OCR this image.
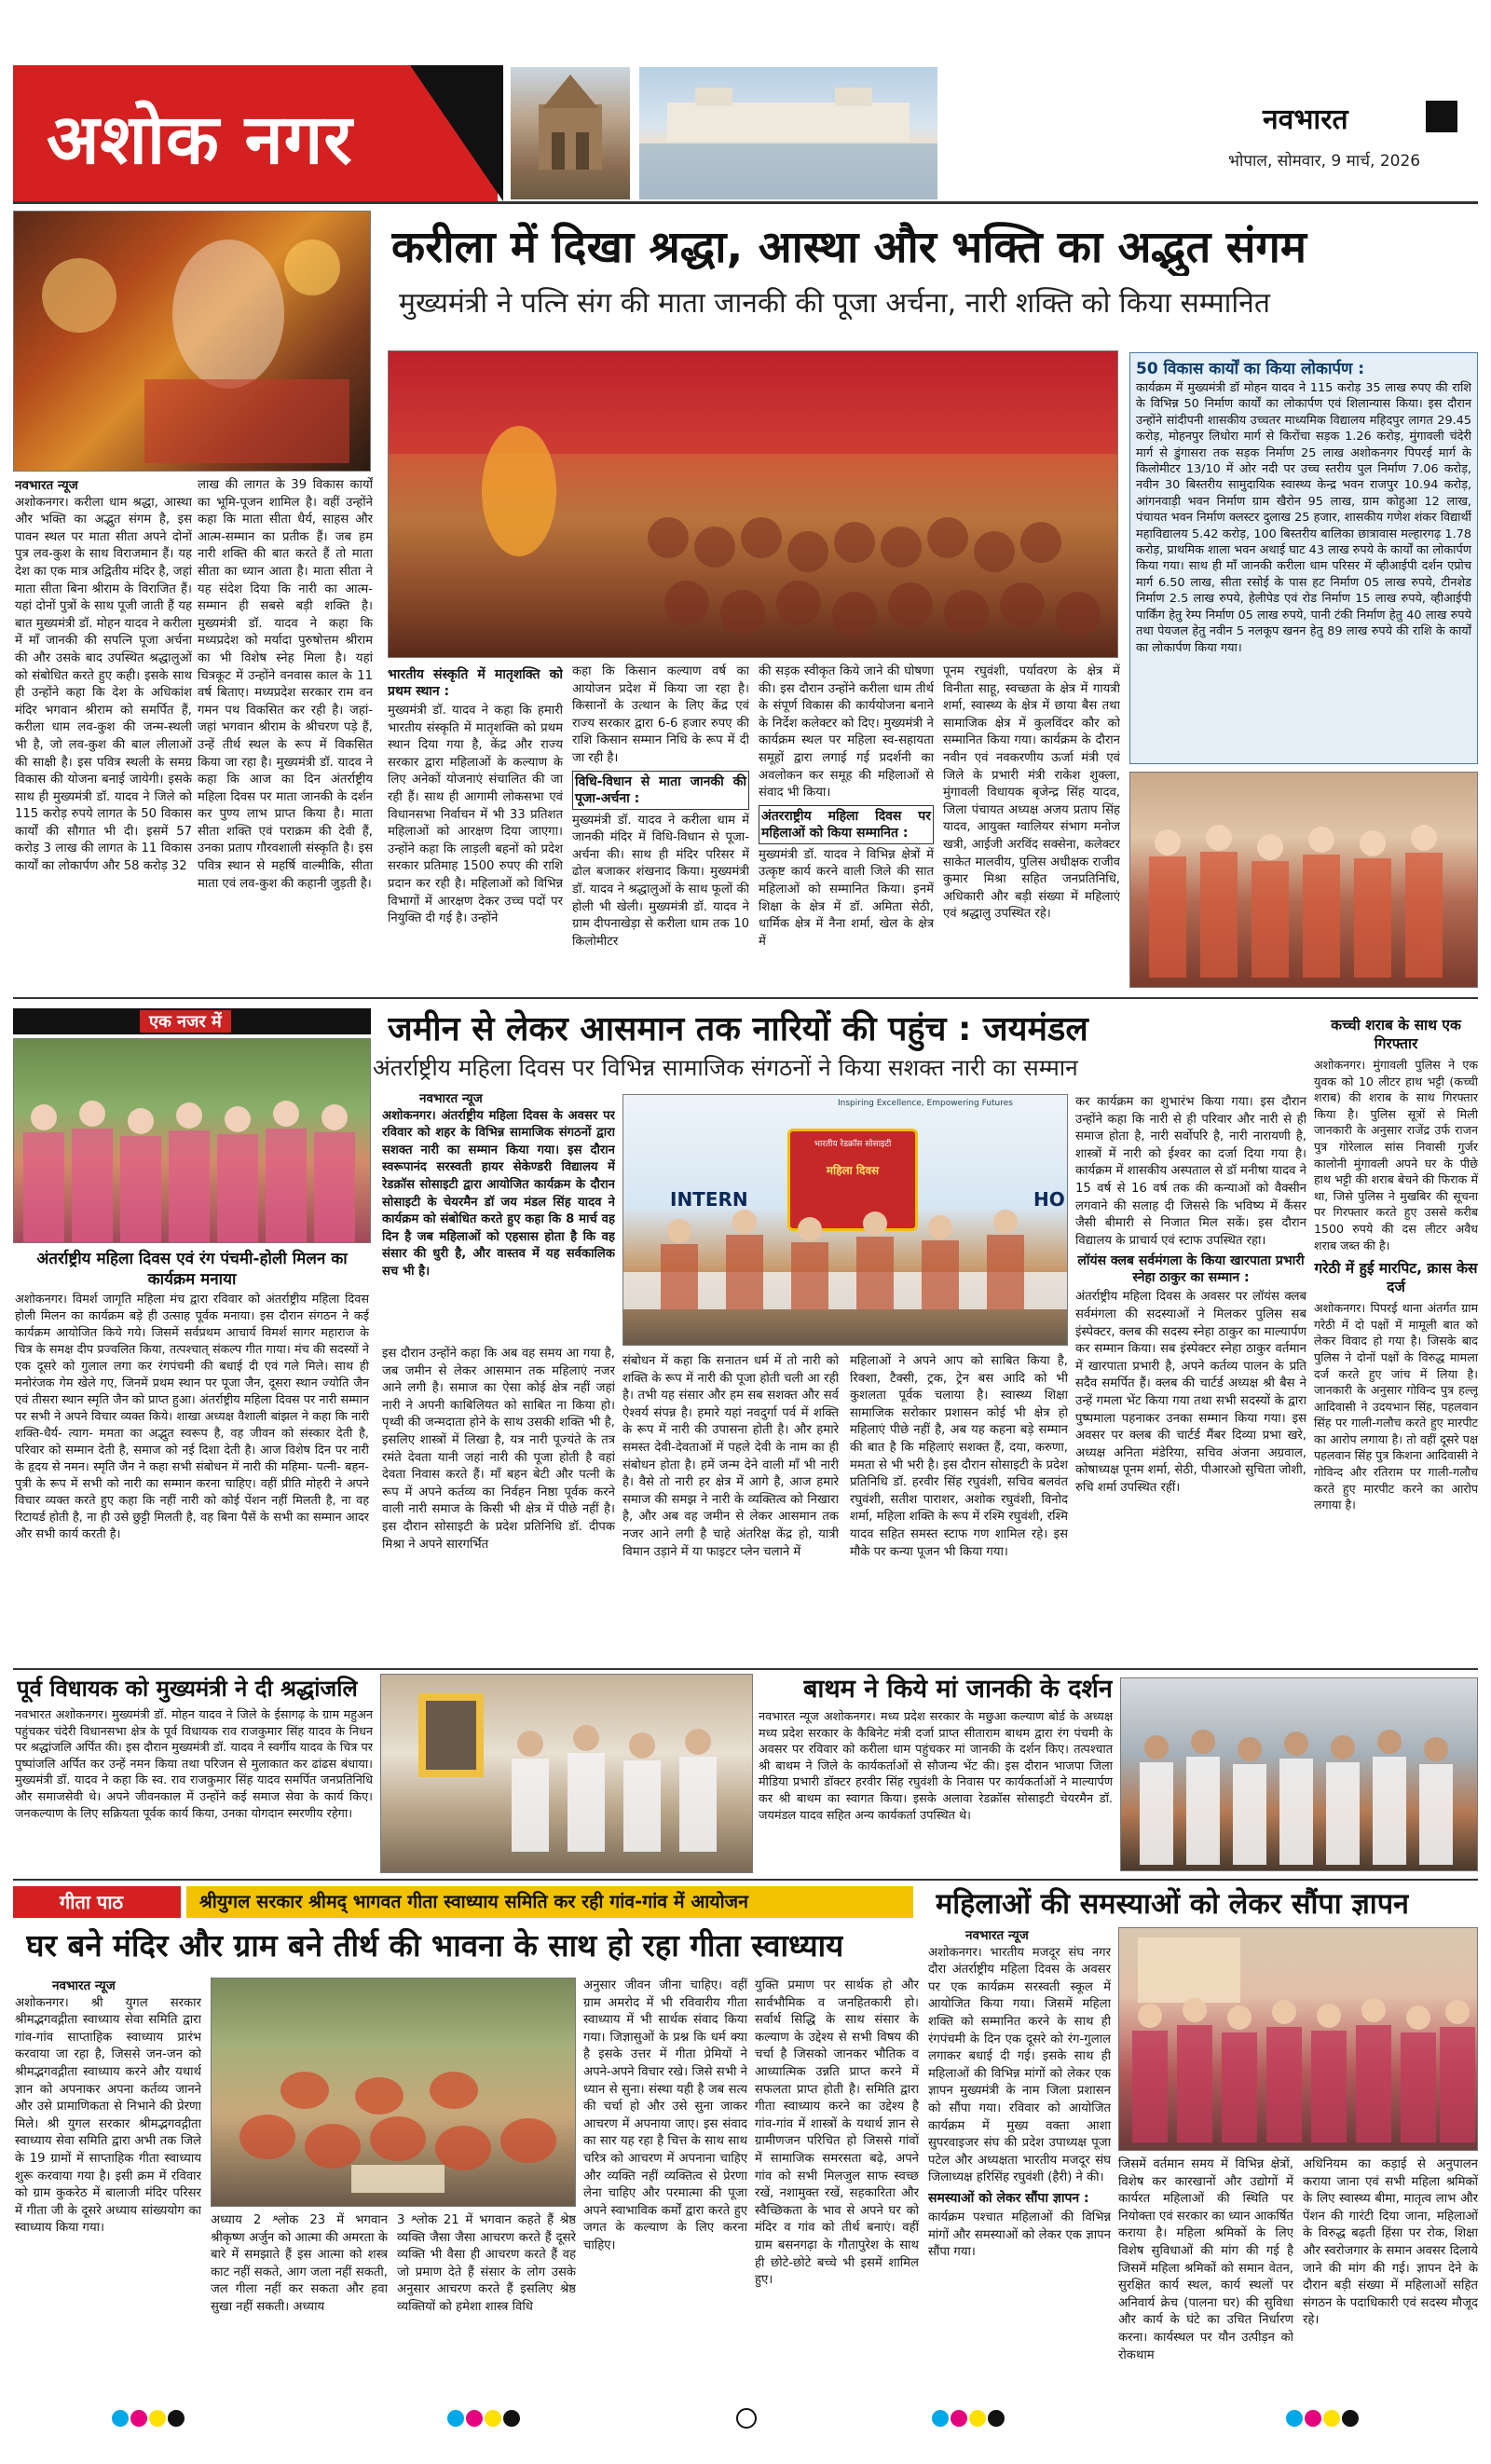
अशोक नगर	नवभारत
भोपाल, सोमवार, 9 मार्च, 2026
करीला में दिखा श्रद्धा, आस्था और भक्ति का अद्भुत संगम
मुख्यमंत्री ने पत्नि संग की माता जानकी की पूजा अर्चना, नारी शक्ति को किया सम्मानित
नवभारत न्यूज

अशोकनगर। करीला धाम श्रद्धा, आस्था और भक्ति का अद्भुत संगम है, इस पावन स्थल पर माता सीता अपने दोनों पुत्र लव-कुश के साथ विराजमान हैं। यह देश का एक मात्र अद्वितीय मंदिर है, जहां माता सीता बिना श्रीराम के विराजित हैं। यहां दोनों पुत्रों के साथ पूजी जाती हैं यह बात मुख्यमंत्री डॉ. मोहन यादव ने करीला में माँ जानकी की सपत्नि पूजा अर्चना की और उसके बाद उपस्थित श्रद्धालुओं को संबोधित करते हुए कही। इसके साथ ही उन्होंने कहा कि देश के अधिकांश मंदिर भगवान श्रीराम को समर्पित हैं, करीला धाम लव-कुश की जन्म-स्थली भी है, जो लव-कुश की बाल लीलाओं की साक्षी है। इस पवित्र स्थली के समग्र विकास की योजना बनाई जायेगी। इसके साथ ही मुख्यमंत्री डॉ. यादव ने जिले को 115 करोड़ रुपये लागत के 50 विकास कार्यों की सौगात भी दी। इसमें 57 करोड़ 3 लाख की लागत के 11 विकास कार्यों का लोकार्पण और 58 करोड़ 32

लाख की लागत के 39 विकास कार्यों का भूमि-पूजन शामिल है। वहीं उन्होंने कहा कि माता सीता धैर्य, साहस और आत्म-सम्मान का प्रतीक हैं। जब हम नारी शक्ति की बात करते हैं तो माता सीता का ध्यान आता है। माता सीता ने यह संदेश दिया कि नारी का आत्म-सम्मान ही सबसे बड़ी शक्ति है। मुख्यमंत्री डॉ. यादव ने कहा कि मध्यप्रदेश को मर्यादा पुरुषोत्तम श्रीराम का भी विशेष स्नेह मिला है। यहां चित्रकूट में उन्होंने वनवास काल के 11 वर्ष बिताए। मध्यप्रदेश सरकार राम वन गमन पथ विकसित कर रही है। जहां-जहां भगवान श्रीराम के श्रीचरण पड़े हैं, उन्हें तीर्थ स्थल के रूप में विकसित किया जा रहा है। मुख्यमंत्री डॉ. यादव ने कहा कि आज का दिन अंतर्राष्ट्रीय महिला दिवस पर माता जानकी के दर्शन कर पुण्य लाभ प्राप्त किया है। माता सीता शक्ति एवं पराक्रम की देवी हैं, उनका प्रताप गौरवशाली संस्कृति है। इस पवित्र स्थान से महर्षि वाल्मीकि, सीता माता एवं लव-कुश की कहानी जुड़ती है।

भारतीय संस्कृति में मातृशक्ति को प्रथम स्थान :

मुख्यमंत्री डॉ. यादव ने कहा कि हमारी भारतीय संस्कृति में मातृशक्ति को प्रथम स्थान दिया गया है, केंद्र और राज्य सरकार द्वारा महिलाओं के कल्याण के लिए अनेकों योजनाएं संचालित की जा रही हैं। साथ ही आगामी लोकसभा एवं विधानसभा निर्वाचन में भी 33 प्रतिशत महिलाओं को आरक्षण दिया जाएगा। उन्होंने कहा कि लाड़ली बहनों को प्रदेश सरकार प्रतिमाह 1500 रुपए की राशि प्रदान कर रही है। महिलाओं को विभिन्न विभागों में आरक्षण देकर उच्च पदों पर नियुक्ति दी गई है। उन्होंने

कहा कि किसान कल्याण वर्ष का आयोजन प्रदेश में किया जा रहा है। किसानों के उत्थान के लिए केंद्र एवं राज्य सरकार द्वारा 6-6 हजार रुपए की राशि किसान सम्मान निधि के रूप में दी जा रही है।

विधि-विधान से माता जानकी की पूजा-अर्चना :

मुख्यमंत्री डॉ. यादव ने करीला धाम में जानकी मंदिर में विधि-विधान से पूजा-अर्चना की। साथ ही मंदिर परिसर में ढोल बजाकर शंखनाद किया। मुख्यमंत्री डॉ. यादव ने श्रद्धालुओं के साथ फूलों की होली भी खेली। मुख्यमंत्री डॉ. यादव ने ग्राम दीपनाखेड़ा से करीला धाम तक 10 किलोमीटर

की सड़क स्वीकृत किये जाने की घोषणा की। इस दौरान उन्होंने करीला धाम तीर्थ के संपूर्ण विकास की कार्ययोजना बनाने के निर्देश कलेक्टर को दिए। मुख्यमंत्री ने कार्यक्रम स्थल पर महिला स्व-सहायता समूहों द्वारा लगाई गई प्रदर्शनी का अवलोकन कर समूह की महिलाओं से संवाद भी किया।

अंतरराष्ट्रीय महिला दिवस पर महिलाओं को किया सम्मानित :

मुख्यमंत्री डॉ. यादव ने विभिन्न क्षेत्रों में उत्कृष्ट कार्य करने वाली जिले की सात महिलाओं को सम्मानित किया। इनमें शिक्षा के क्षेत्र में डॉ. अमिता सेठी, धार्मिक क्षेत्र में नैना शर्मा, खेल के क्षेत्र में

पूनम रघुवंशी, पर्यावरण के क्षेत्र में विनीता साहू, स्वच्छता के क्षेत्र में गायत्री शर्मा, स्वास्थ्य के क्षेत्र में छाया बैस तथा सामाजिक क्षेत्र में कुलविंदर कौर को सम्मानित किया गया। कार्यक्रम के दौरान नवीन एवं नवकरणीय ऊर्जा मंत्री एवं जिले के प्रभारी मंत्री राकेश शुक्ला, मुंगावली विधायक बृजेन्द्र सिंह यादव, जिला पंचायत अध्यक्ष अजय प्रताप सिंह यादव, आयुक्त ग्वालियर संभाग मनोज खत्री, आईजी अरविंद सक्सेना, कलेक्टर साकेत मालवीय, पुलिस अधीक्षक राजीव कुमार मिश्रा सहित जनप्रतिनिधि, अधिकारी और बड़ी संख्या में महिलाएं एवं श्रद्धालु उपस्थित रहे।

50 विकास कार्यों का किया लोकार्पण :
कार्यक्रम में मुख्यमंत्री डॉ मोहन यादव ने 115 करोड़ 35 लाख रुपए की राशि के विभिन्न 50 निर्माण कार्यों का लोकार्पण एवं शिलान्यास किया। इस दौरान उन्होंने सांदीपनी शासकीय उच्चतर माध्यमिक विद्यालय महिदपुर लागत 29.45 करोड़, मोहनपुर लिधोरा मार्ग से किरोंचा सड़क 1.26 करोड़, मुंगावली चंदेरी मार्ग से डुंगासरा तक सड़क निर्माण 25 लाख अशोकनगर पिपरई मार्ग के किलोमीटर 13/10 में ओर नदी पर उच्च स्तरीय पुल निर्माण 7.06 करोड़, नवीन 30 बिस्तरीय सामुदायिक स्वास्थ्य केन्द्र भवन राजपुर 10.94 करोड़, आंगनवाड़ी भवन निर्माण ग्राम खैरोन 95 लाख, ग्राम कोहुआ 12 लाख, पंचायत भवन निर्माण क्लस्टर दुलाख 25 हजार, शासकीय गणेश शंकर विद्यार्थी महाविद्यालय 5.42 करोड़, 100 बिस्तरीय बालिका छात्रावास मल्हारगढ़ 1.78 करोड़, प्राथमिक शाला भवन अथाई घाट 43 लाख रुपये के कार्यों का लोकार्पण किया गया। साथ ही माँ जानकी करीला धाम परिसर में व्हीआईपी दर्शन एप्रोच मार्ग 6.50 लाख, सीता रसोई के पास हट निर्माण 05 लाख रुपये, टीनशेड निर्माण 2.5 लाख रुपये, हेलीपेड एवं रोड निर्माण 15 लाख रुपये, व्हीआईपी पार्किंग हेतु रेम्प निर्माण 05 लाख रुपये, पानी टंकी निर्माण हेतु 40 लाख रुपये तथा पेयजल हेतु नवीन 5 नलकूप खनन हेतु 89 लाख रुपये की राशि के कार्यों का लोकार्पण किया गया।
एक नजर में
अंतर्राष्ट्रीय महिला दिवस एवं रंग पंचमी-होली मिलन का कार्यक्रम मनाया
अशोकनगर। विमर्श जागृति महिला मंच द्वारा रविवार को अंतर्राष्ट्रीय महिला दिवस होली मिलन का कार्यक्रम बड़े ही उत्साह पूर्वक मनाया। इस दौरान संगठन ने कई कार्यक्रम आयोजित किये गये। जिसमें सर्वप्रथम आचार्य विमर्श सागर महाराज के चित्र के समक्ष दीप प्रज्वलित किया, तत्पश्चात् संकल्प गीत गाया। मंच की सदस्यों ने एक दूसरे को गुलाल लगा कर रंगपंचमी की बधाई दी एवं गले मिले। साथ ही मनोरंजक गेम खेले गए, जिनमें प्रथम स्थान पर पूजा जैन, दूसरा स्थान ज्योति जैन एवं तीसरा स्थान स्मृति जैन को प्राप्त हुआ। अंतर्राष्ट्रीय महिला दिवस पर नारी सम्मान पर सभी ने अपने विचार व्यक्त किये। शाखा अध्यक्ष वैशाली बांझल ने कहा कि नारी शक्ति-धैर्य- त्याग- ममता का अद्भुत स्वरूप है, वह जीवन को संस्कार देती है, परिवार को सम्मान देती है, समाज को नई दिशा देती है। आज विशेष दिन पर नारी के हृदय से नमन। स्मृति जैन ने कहा सभी संबोधन में नारी की महिमा- पत्नी- बहन-पुत्री के रूप में सभी को नारी का सम्मान करना चाहिए। वहीं प्रीति मोहरी ने अपने विचार व्यक्त करते हुए कहा कि नहीं नारी को कोई पेंशन नहीं मिलती है, ना वह रिटायर्ड होती है, ना ही उसे छुट्टी मिलती है, वह बिना पैसें के सभी का सम्मान आदर और सभी कार्य करती है।
जमीन से लेकर आसमान तक नारियों की पहुंच : जयमंडल
अंतर्राष्ट्रीय महिला दिवस पर विभिन्न सामाजिक संगठनों ने किया सशक्त नारी का सम्मान
नवभारत न्यूज

अशोकनगर। अंतर्राष्ट्रीय महिला दिवस के अवसर पर रविवार को शहर के विभिन्न सामाजिक संगठनों द्वारा सशक्त नारी का सम्मान किया गया। इस दौरान स्वरूपानंद सरस्वती हायर सेकेण्डरी विद्यालय में रेडक्रॉस सोसाइटी द्वारा आयोजित कार्यक्रम के दौरान सोसाइटी के चेयरमैन डॉ जय मंडल सिंह यादव ने कार्यक्रम को संबोधित करते हुए कहा कि 8 मार्च वह दिन है जब महिलाओं को एहसास होता है कि वह संसार की धुरी है, और वास्तव में यह सर्वकालिक सच भी है।

इस दौरान उन्होंने कहा कि अब वह समय आ गया है, जब जमीन से लेकर आसमान तक महिलाएं नजर आने लगी है। समाज का ऐसा कोई क्षेत्र नहीं जहां नारी ने अपनी काबिलियत को साबित ना किया हो। पृथ्वी की जन्मदाता होने के साथ उसकी शक्ति भी है, इसलिए शास्त्रों में लिखा है, यत्र नारी पूज्यंते के तत्र रमंते देवता यानी जहां नारी की पूजा होती है वहां देवता निवास करते हैं। माँ बहन बेटी और पत्नी के रूप में अपने कर्तव्य का निर्वहन निष्ठा पूर्वक करने वाली नारी समाज के किसी भी क्षेत्र में पीछे नहीं है। इस दौरान सोसाइटी के प्रदेश प्रतिनिधि डॉ. दीपक मिश्रा ने अपने सारगर्भित
Inspiring Excellence, Empowering Futures
INTERN	HO
भारतीय रेडक्रॉस सोसाइटी
महिला दिवस
संबोधन में कहा कि सनातन धर्म में तो नारी को शक्ति के रूप में नारी की पूजा होती चली आ रही है। तभी यह संसार और हम सब सशक्त और सर्व ऐश्वर्य संपन्न है। हमारे यहां नवदुर्गा पर्व में शक्ति के रूप में नारी की उपासना होती है। और हमारे समस्त देवी-देवताओं में पहले देवी के नाम का ही संबोधन होता है। हमें जन्म देने वाली माँ भी नारी है। वैसे तो नारी हर क्षेत्र में आगे है, आज हमारे समाज की समझ ने नारी के व्यक्तित्व को निखारा है, और अब वह जमीन से लेकर आसमान तक नजर आने लगी है चाहे अंतरिक्ष केंद्र हो, यात्री विमान उड़ाने में या फाइटर प्लेन चलाने में
महिलाओं ने अपने आप को साबित किया है, रिक्शा, टैक्सी, ट्रक, ट्रेन बस आदि को भी कुशलता पूर्वक चलाया है। स्वास्थ्य शिक्षा सामाजिक सरोकार प्रशासन कोई भी क्षेत्र हो महिलाएं पीछे नहीं है, अब यह कहना बड़े सम्मान की बात है कि महिलाएं सशक्त हैं, दया, करुणा, ममता से भी भरी है। इस दौरान सोसाइटी के प्रदेश प्रतिनिधि डॉ. हरवीर सिंह रघुवंशी, सचिव बलवंत रघुवंशी, सतीश पाराशर, अशोक रघुवंशी, विनोद शर्मा, महिला शक्ति के रूप में रश्मि रघुवंशी, रश्मि यादव सहित समस्त स्टाफ गण शामिल रहे। इस मौके पर कन्या पूजन भी किया गया।

कर कार्यक्रम का शुभारंभ किया गया। इस दौरान उन्होंने कहा कि नारी से ही परिवार और नारी से ही समाज होता है, नारी सर्वोपरि है, नारी नारायणी है, शास्त्रों में नारी को ईश्वर का दर्जा दिया गया है। कार्यक्रम में शासकीय अस्पताल से डॉ मनीषा यादव ने 15 वर्ष से 16 वर्ष तक की कन्याओं को वैक्सीन लगवाने की सलाह दी जिससे कि भविष्य में कैंसर जैसी बीमारी से निजात मिल सकें। इस दौरान विद्यालय के प्राचार्य एवं स्टाफ उपस्थित रहा।

लॉयंस क्लब सर्वमंगला के किया खारपाता प्रभारी स्नेहा ठाकुर का सम्मान :

अंतर्राष्ट्रीय महिला दिवस के अवसर पर लॉयंस क्लब सर्वमंगला की सदस्याओं ने मिलकर पुलिस सब इंस्पेक्टर, क्लब की सदस्य स्नेहा ठाकुर का माल्यार्पण कर सम्मान किया। सब इंस्पेक्टर स्नेहा ठाकुर वर्तमान में खारपाता प्रभारी है, अपने कर्तव्य पालन के प्रति सदैव समर्पित हैं। क्लब की चार्टर्ड अध्यक्ष श्री बैस ने उन्हें गमला भेंट किया गया तथा सभी सदस्यों के द्वारा पुष्पमाला पहनाकर उनका सम्मान किया गया। इस अवसर पर क्लब की चार्टर्ड मैंबर दिव्या प्रभा खरे, अध्यक्ष अनिता मंडेरिया, सचिव अंजना अग्रवाल, कोषाध्यक्ष पूनम शर्मा, सेठी, पीआरओ सुचिता जोशी, रुचि शर्मा उपस्थित रहीं।

कच्ची शराब के साथ एक गिरफ्तार
अशोकनगर। मुंगावली पुलिस ने एक युवक को 10 लीटर हाथ भट्टी (कच्ची शराब) की शराब के साथ गिरफ्तार किया है। पुलिस सूत्रों से मिली जानकारी के अनुसार राजेंद्र उर्फ राजन पुत्र गोरेलाल सांस निवासी गुर्जर कालोनी मुंगावली अपने घर के पीछे हाथ भट्टी की शराब बेचने की फिराक में था, जिसे पुलिस ने मुखबिर की सूचना पर गिरफ्तार करते हुए उससे करीब 1500 रुपये की दस लीटर अवैध शराब जब्त की है।
गरेठी में हुई मारपिट, क्रास केस दर्ज
अशोकनगर। पिपरई थाना अंतर्गत ग्राम गरेठी में दो पक्षों में मामूली बात को लेकर विवाद हो गया है। जिसके बाद पुलिस ने दोनों पक्षों के विरुद्ध मामला दर्ज करते हुए जांच में लिया है। जानकारी के अनुसार गोविन्द पुत्र हल्लू आदिवासी ने उदयभान सिंह, पहलवान सिंह पर गाली-गलौच करते हुए मारपीट का आरोप लगाया है। तो वहीं दूसरे पक्ष पहलवान सिंह पुत्र किशना आदिवासी ने गोविन्द और रतिराम पर गाली-गलौच करते हुए मारपीट करने का आरोप लगाया है।
पूर्व विधायक को मुख्यमंत्री ने दी श्रद्धांजलि
नवभारत अशोकनगर। मुख्यमंत्री डॉ. मोहन यादव ने जिले के ईसागढ़ के ग्राम महुअन पहुंचकर चंदेरी विधानसभा क्षेत्र के पूर्व विधायक राव राजकुमार सिंह यादव के निधन पर श्रद्धांजलि अर्पित की। इस दौरान मुख्यमंत्री डॉ. यादव ने स्वर्गीय यादव के चित्र पर पुष्पांजलि अर्पित कर उन्हें नमन किया तथा परिजन से मुलाकात कर ढांढस बंधाया। मुख्यमंत्री डॉ. यादव ने कहा कि स्व. राव राजकुमार सिंह यादव समर्पित जनप्रतिनिधि और समाजसेवी थे। अपने जीवनकाल में उन्होंने कई समाज सेवा के कार्य किए। जनकल्याण के लिए सक्रियता पूर्वक कार्य किया, उनका योगदान स्मरणीय रहेगा।
बाथम ने किये मां जानकी के दर्शन
नवभारत न्यूज अशोकनगर। मध्य प्रदेश सरकार के मछुआ कल्याण बोर्ड के अध्यक्ष मध्य प्रदेश सरकार के कैबिनेट मंत्री दर्जा प्राप्त सीताराम बाथम द्वारा रंग पंचमी के अवसर पर रविवार को करीला धाम पहुंचकर मां जानकी के दर्शन किए। तत्पश्चात श्री बाथम ने जिले के कार्यकर्ताओं से सौजन्य भेंट की। इस दौरान भाजपा जिला मीडिया प्रभारी डॉक्टर हरवीर सिंह रघुवंशी के निवास पर कार्यकर्ताओं ने माल्यार्पण कर श्री बाथम का स्वागत किया। इसके अलावा रेडक्रॉस सोसाइटी चेयरमैन डॉ. जयमंडल यादव सहित अन्य कार्यकर्ता उपस्थित थे।
गीता पाठ	श्रीयुगल सरकार श्रीमद् भागवत गीता स्वाध्याय समिति कर रही गांव-गांव में आयोजन
घर बने मंदिर और ग्राम बने तीर्थ की भावना के साथ हो रहा गीता स्वाध्याय
नवभारत न्यूज

अशोकनगर। श्री युगल सरकार श्रीमद्भगवद्गीता स्वाध्याय सेवा समिति द्वारा गांव-गांव साप्ताहिक स्वाध्याय प्रारंभ करवाया जा रहा है, जिससे जन-जन को श्रीमद्भगवद्गीता स्वाध्याय करने और यथार्थ ज्ञान को अपनाकर अपना कर्तव्य जानने और उसे प्रामाणिकता से निभाने की प्रेरणा मिले। श्री युगल सरकार श्रीमद्भगवद्गीता स्वाध्याय सेवा समिति द्वारा अभी तक जिले के 19 ग्रामों में साप्ताहिक गीता स्वाध्याय शुरू करवाया गया है। इसी क्रम में रविवार को ग्राम कुकरेठ में बालाजी मंदिर परिसर में गीता जी के दूसरे अध्याय सांख्ययोग का स्वाध्याय किया गया।

अध्याय 2 श्लोक 23 में भगवान श्रीकृष्ण अर्जुन को आत्मा की अमरता के बारे में समझाते हैं इस आत्मा को शस्त्र काट नहीं सकते, आग जला नहीं सकती, जल गीला नहीं कर सकता और हवा सुखा नहीं सकती। अध्याय
3 श्लोक 21 में भगवान कहते हैं श्रेष्ठ व्यक्ति जैसा जैसा आचरण करते हैं दूसरे व्यक्ति भी वैसा ही आचरण करते हैं वह जो प्रमाण देते हैं संसार के लोग उसके अनुसार आचरण करते हैं इसलिए श्रेष्ठ व्यक्तियों को हमेशा शास्त्र विधि
अनुसार जीवन जीना चाहिए। वहीं ग्राम अमरोद में भी रविवारीय गीता स्वाध्याय में भी सार्थक संवाद किया गया। जिज्ञासुओं के प्रश्न कि धर्म क्या है इसके उत्तर में गीता प्रेमियों ने अपने-अपने विचार रखे। जिसे सभी ने ध्यान से सुना। संस्था यही है जब सत्य की चर्चा हो और उसे सुना जाकर आचरण में अपनाया जाए। इस संवाद का सार यह रहा है चित्त के साथ साथ चरित्र को आचरण में अपनाना चाहिए और व्यक्ति नहीं व्यक्तित्व से प्रेरणा लेना चाहिए और परमात्मा की पूजा अपने स्वाभाविक कर्मों द्वारा करते हुए जगत के कल्याण के लिए करना चाहिए।
युक्ति प्रमाण पर सार्थक हो और सार्वभौमिक व जनहितकारी हो। सर्वार्थ सिद्धि के साथ संसार के कल्याण के उद्देश्य से सभी विषय की चर्चा है जिसको जानकर भौतिक व आध्यात्मिक उन्नति प्राप्त करने में सफलता प्राप्त होती है। समिति द्वारा गीता स्वाध्याय करने का उद्देश्य है गांव-गांव में शास्त्रों के यथार्थ ज्ञान से ग्रामीणजन परिचित हो जिससे गांवों में सामाजिक समरसता बढ़े, अपने गांव को सभी मिलजुल साफ स्वच्छ रखें, नशामुक्त रखें, सहकारिता और स्वैच्छिकता के भाव से अपने घर को मंदिर व गांव को तीर्थ बनाएं। वहीं ग्राम बसनगढ़ा के गौतापुरेश के साथ ही छोटे-छोटे बच्चे भी इसमें शामिल हुए।
महिलाओं की समस्याओं को लेकर सौंपा ज्ञापन
नवभारत न्यूज

अशोकनगर। भारतीय मजदूर संघ नगर दौरा अंतर्राष्ट्रीय महिला दिवस के अवसर पर एक कार्यक्रम सरस्वती स्कूल में आयोजित किया गया। जिसमें महिला शक्ति को सम्मानित करने के साथ ही रंगपंचमी के दिन एक दूसरे को रंग-गुलाल लगाकर बधाई दी गई। इसके साथ ही महिलाओं की विभिन्न मांगों को लेकर एक ज्ञापन मुख्यमंत्री के नाम जिला प्रशासन को सौंपा गया। रविवार को आयोजित कार्यक्रम में मुख्य वक्ता आशा सुपरवाइजर संघ की प्रदेश उपाध्यक्ष पूजा पटेल और अध्यक्षता भारतीय मजदूर संघ जिलाध्यक्ष हरिसिंह रघुवंशी (हैरी) ने की।

समस्याओं को लेकर सौंपा ज्ञापन :

कार्यक्रम पश्चात महिलाओं की विभिन्न मांगों और समस्याओं को लेकर एक ज्ञापन सौंपा गया।

जिसमें वर्तमान समय में विभिन्न क्षेत्रों, विशेष कर कारखानों और उद्योगों में कार्यरत महिलाओं की स्थिति पर नियोक्ता एवं सरकार का ध्यान आकर्षित कराया है। महिला श्रमिकों के लिए विशेष सुविधाओं की मांग की गई है जिसमें महिला श्रमिकों को समान वेतन, सुरक्षित कार्य स्थल, कार्य स्थलों पर अनिवार्य क्रेच (पालना घर) की सुविधा और कार्य के घंटे का उचित निर्धारण करना। कार्यस्थल पर यौन उत्पीड़न को रोकथाम
अधिनियम का कड़ाई से अनुपालन कराया जाना एवं सभी महिला श्रमिकों के लिए स्वास्थ्य बीमा, मातृत्व लाभ और पेंशन की गारंटी दिया जाना, महिलाओं के विरुद्ध बढ़ती हिंसा पर रोक, शिक्षा और स्वरोजगार के समान अवसर दिलाये जाने की मांग की गई। ज्ञापन देने के दौरान बड़ी संख्या में महिलाओं सहित संगठन के पदाधिकारी एवं सदस्य मौजूद रहे।
